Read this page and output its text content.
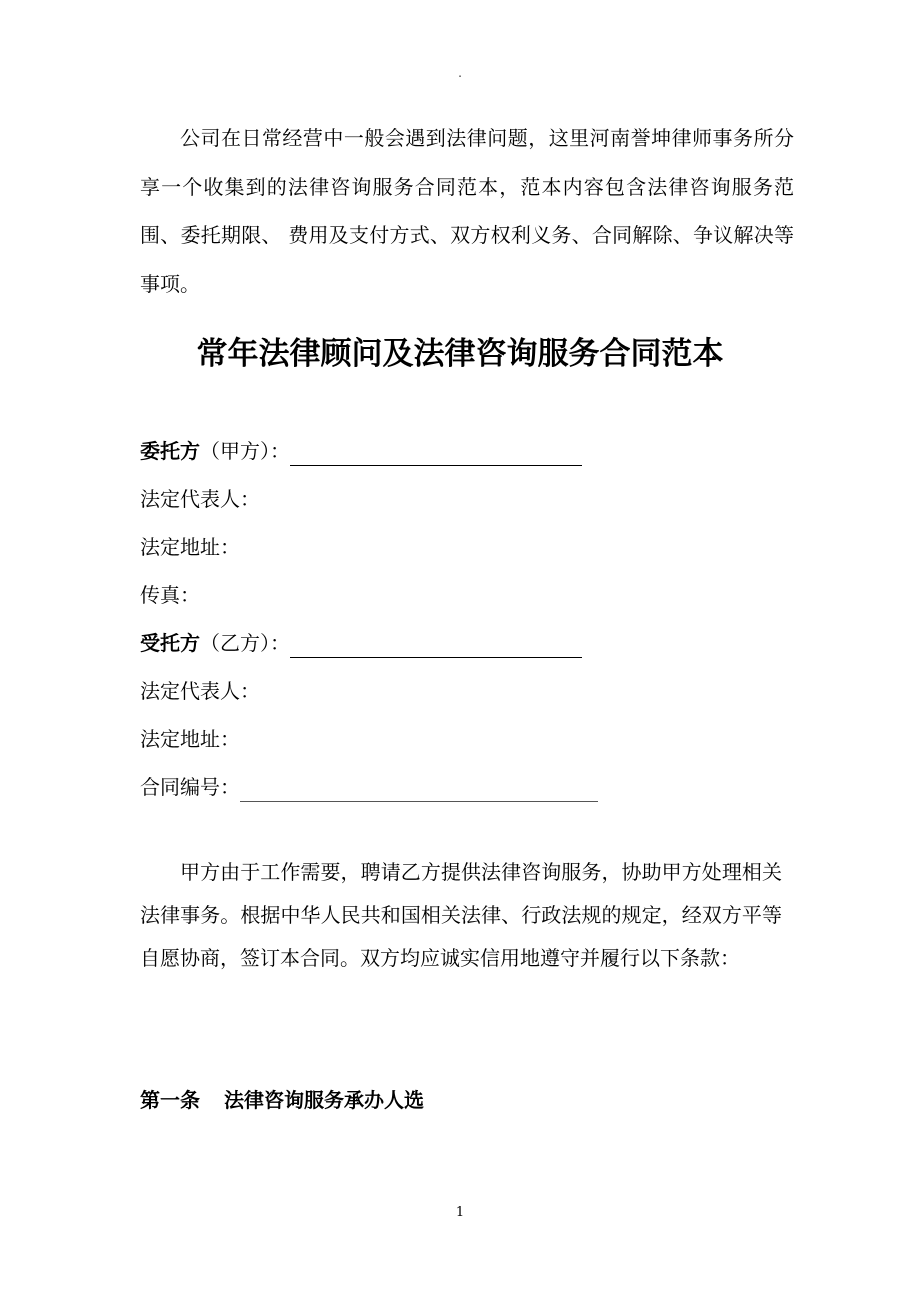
.

公司在日常经营中一般会遇到法律问题，这里河南誉坤律师事务所分享一个收集到的法律咨询服务合同范本，范本内容包含法律咨询服务范围、委托期限、 费用及支付方式、双方权利义务、合同解除、争议解决等事项。

常年法律顾问及法律咨询服务合同范本
委托方（甲方）：
法定代表人：
法定地址：
传真：
受托方（乙方）：
法定代表人：
法定地址：
合同编号：

甲方由于工作需要，聘请乙方提供法律咨询服务，协助甲方处理相关法律事务。根据中华人民共和国相关法律、行政法规的规定，经双方平等自愿协商，签订本合同。双方均应诚实信用地遵守并履行以下条款：

第一条 法律咨询服务承办人选
1
